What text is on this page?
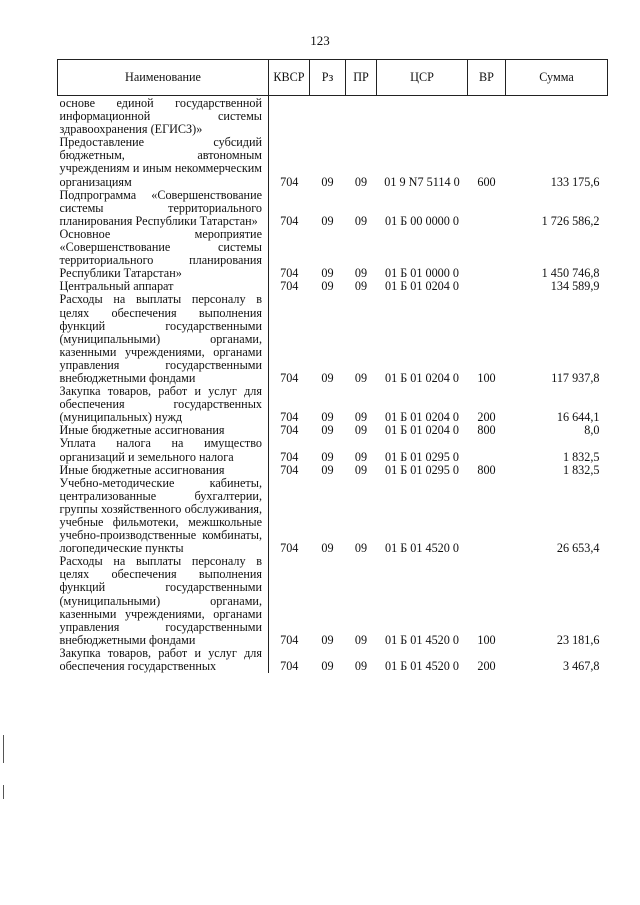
123
Наименование	КВСР	Рз	ПР	ЦСР	ВР	Сумма
основе единой государственной информационной системы здравоохранения (ЕГИСЗ)»						
Предоставление субсидий бюджетным, автономным учреждениям и иным некоммерческим организациям	704	09	09	01 9 N7 5114 0	600	133 175,6
Подпрограмма «Совершенствование системы территориального планирования Республики Татарстан»	704	09	09	01 Б 00 0000 0		1 726 586,2
Основное мероприятие «Совершенствование системы территориального планирования Республики Татарстан»	704	09	09	01 Б 01 0000 0		1 450 746,8
Центральный аппарат	704	09	09	01 Б 01 0204 0		134 589,9
Расходы на выплаты персоналу в целях обеспечения выполнения функций государственными (муниципальными) органами, казенными учреждениями, органами управления государственными внебюджетными фондами	704	09	09	01 Б 01 0204 0	100	117 937,8
Закупка товаров, работ и услуг для обеспечения государственных (муниципальных) нужд	704	09	09	01 Б 01 0204 0	200	16 644,1
Иные бюджетные ассигнования	704	09	09	01 Б 01 0204 0	800	8,0
Уплата налога на имущество организаций и земельного налога	704	09	09	01 Б 01 0295 0		1 832,5
Иные бюджетные ассигнования	704	09	09	01 Б 01 0295 0	800	1 832,5
Учебно-методические кабинеты, централизованные бухгалтерии, группы хозяйственного обслуживания, учебные фильмотеки, межшкольные учебно-производственные комбинаты, логопедические пункты	704	09	09	01 Б 01 4520 0		26 653,4
Расходы на выплаты персоналу в целях обеспечения выполнения функций государственными (муниципальными) органами, казенными учреждениями, органами управления государственными внебюджетными фондами	704	09	09	01 Б 01 4520 0	100	23 181,6
Закупка товаров, работ и услуг для обеспечения государственных	704	09	09	01 Б 01 4520 0	200	3 467,8
